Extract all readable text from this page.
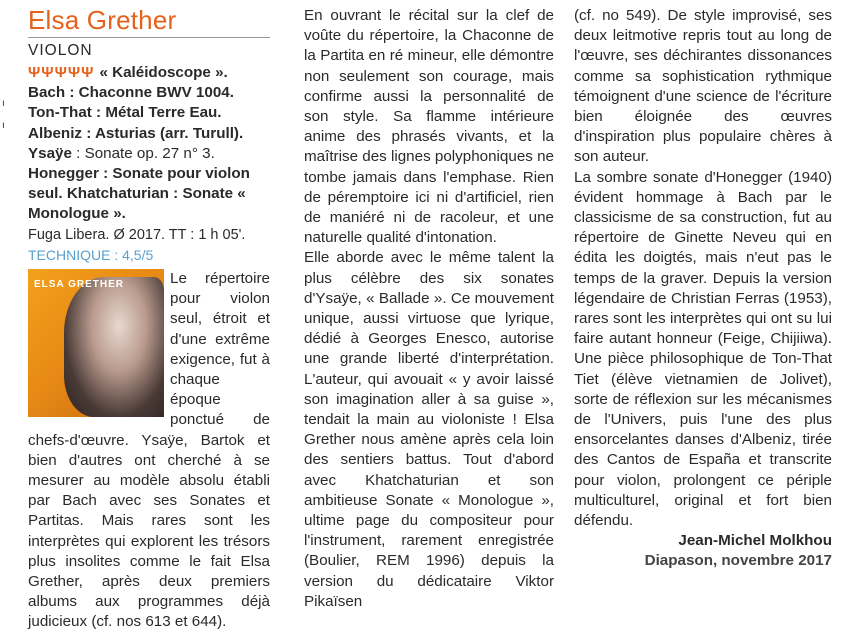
ı
ı
Elsa Grether
VIOLON
ΨΨΨΨΨ « Kaléidoscope ».
Bach : Chaconne BWV 1004.
Ton-That : Métal Terre Eau.
Albeniz : Asturias (arr. Turull).
Ysaÿe : Sonate op. 27 n° 3.
Honegger : Sonate pour violon seul. Khatchaturian : Sonate « Monologue ».
Fuga Libera. Ø 2017. TT : 1 h 05'.
TECHNIQUE : 4,5/5
ELSA GRETHER	Le répertoire pour violon seul, étroit et d'une extrême exigence, fut à chaque époque ponctué de chefs-d'œuvre. Ysaÿe, Bartok et bien d'autres ont cherché à se mesurer au modèle absolu établi par Bach avec ses Sonates et Partitas. Mais rares sont les interprètes qui explorent les trésors plus insolites comme le fait Elsa Grether, après deux premiers albums aux programmes déjà judicieux (cf. nos 613 et 644).

En ouvrant le récital sur la clef de voûte du répertoire, la Chaconne de la Partita en ré mineur, elle démontre non seulement son courage, mais confirme aussi la personnalité de son style. Sa flamme intérieure anime des phrasés vivants, et la maîtrise des lignes polyphoniques ne tombe jamais dans l'emphase. Rien de péremptoire ici ni d'artificiel, rien de maniéré ni de racoleur, et une naturelle qualité d'intonation.

Elle aborde avec le même talent la plus célèbre des six sonates d'Ysaÿe, « Ballade ». Ce mouvement unique, aussi virtuose que lyrique, dédié à Georges Enesco, autorise une grande liberté d'interprétation. L'auteur, qui avouait « y avoir laissé son imagination aller à sa guise », tendait la main au violoniste ! Elsa Grether nous amène après cela loin des sentiers battus. Tout d'abord avec Khatchaturian et son ambitieuse Sonate « Monologue », ultime page du compositeur pour l'instrument, rarement enregistrée (Boulier, REM 1996) depuis la version du dédicataire Viktor Pikaïsen

(cf. no 549). De style improvisé, ses deux leitmotive repris tout au long de l'œuvre, ses déchirantes dissonances comme sa sophistication rythmique témoignent d'une science de l'écriture bien éloignée des œuvres d'inspiration plus populaire chères à son auteur.

La sombre sonate d'Honegger (1940) évident hommage à Bach par le classicisme de sa construction, fut au répertoire de Ginette Neveu qui en édita les doigtés, mais n'eut pas le temps de la graver. Depuis la version légendaire de Christian Ferras (1953), rares sont les interprètes qui ont su lui faire autant honneur (Feige, Chijiiwa). Une pièce philosophique de Ton-That Tiet (élève vietnamien de Jolivet), sorte de réflexion sur les mécanismes de l'Univers, puis l'une des plus ensorcelantes danses d'Albeniz, tirée des Cantos de España et transcrite pour violon, prolongent ce périple multiculturel, original et fort bien défendu.

Jean-Michel Molkhou
Diapason, novembre 2017
